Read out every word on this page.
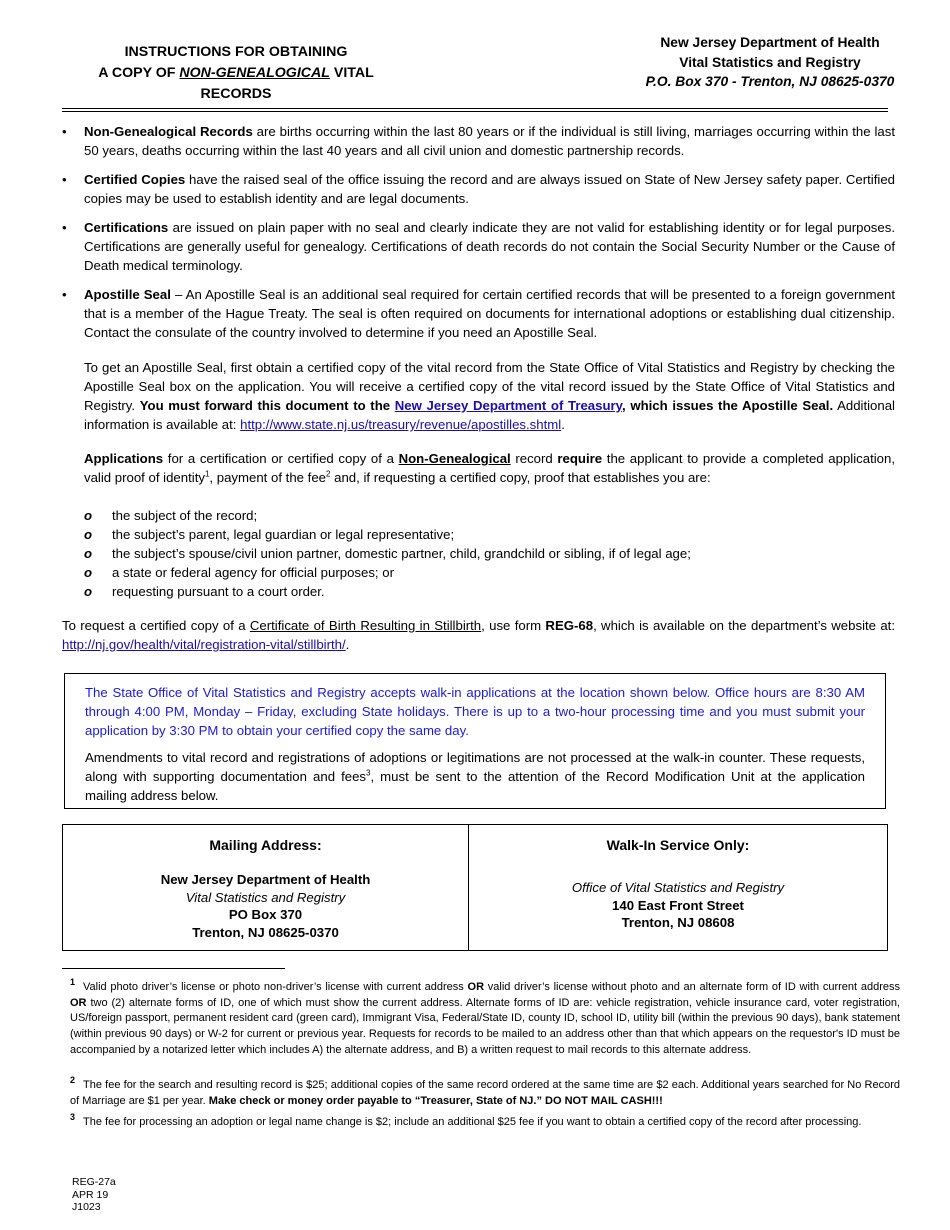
INSTRUCTIONS FOR OBTAINING
A COPY OF NON-GENEALOGICAL VITAL RECORDS
New Jersey Department of Health
Vital Statistics and Registry
P.O. Box 370 - Trenton, NJ 08625-0370
• Non-Genealogical Records are births occurring within the last 80 years or if the individual is still living, marriages occurring within the last 50 years, deaths occurring within the last 40 years and all civil union and domestic partnership records.
• Certified Copies have the raised seal of the office issuing the record and are always issued on State of New Jersey safety paper. Certified copies may be used to establish identity and are legal documents.
• Certifications are issued on plain paper with no seal and clearly indicate they are not valid for establishing identity or for legal purposes. Certifications are generally useful for genealogy. Certifications of death records do not contain the Social Security Number or the Cause of Death medical terminology.
• Apostille Seal – An Apostille Seal is an additional seal required for certain certified records that will be presented to a foreign government that is a member of the Hague Treaty. The seal is often required on documents for international adoptions or establishing dual citizenship. Contact the consulate of the country involved to determine if you need an Apostille Seal.

To get an Apostille Seal, first obtain a certified copy of the vital record from the State Office of Vital Statistics and Registry by checking the Apostille Seal box on the application. You will receive a certified copy of the vital record issued by the State Office of Vital Statistics and Registry. You must forward this document to the New Jersey Department of Treasury, which issues the Apostille Seal. Additional information is available at: http://www.state.nj.us/treasury/revenue/apostilles.shtml.

Applications for a certification or certified copy of a Non-Genealogical record require the applicant to provide a completed application, valid proof of identity$^1$, payment of the fee$^2$ and, if requesting a certified copy, proof that establishes you are:

o the subject of the record;
o the subject’s parent, legal guardian or legal representative;
o the subject’s spouse/civil union partner, domestic partner, child, grandchild or sibling, if of legal age;
o a state or federal agency for official purposes; or
o requesting pursuant to a court order.

To request a certified copy of a Certificate of Birth Resulting in Stillbirth, use form REG-68, which is available on the department’s website at: http://nj.gov/health/vital/registration-vital/stillbirth/.

The State Office of Vital Statistics and Registry accepts walk-in applications at the location shown below. Office hours are 8:30 AM through 4:00 PM, Monday – Friday, excluding State holidays. There is up to a two-hour processing time and you must submit your application by 3:30 PM to obtain your certified copy the same day.

Amendments to vital record and registrations of adoptions or legitimations are not processed at the walk-in counter. These requests, along with supporting documentation and fees$^3$, must be sent to the attention of the Record Modification Unit at the application mailing address below.

Mailing Address:
New Jersey Department of Health
Vital Statistics and Registry
PO Box 370
Trenton, NJ 08625-0370
Walk-In Service Only:
Office of Vital Statistics and Registry
140 East Front Street
Trenton, NJ 08608

$^1$ Valid photo driver’s license or photo non-driver’s license with current address OR valid driver’s license without photo and an alternate form of ID with current address OR two (2) alternate forms of ID, one of which must show the current address. Alternate forms of ID are: vehicle registration, vehicle insurance card, voter registration, US/foreign passport, permanent resident card (green card), Immigrant Visa, Federal/State ID, county ID, school ID, utility bill (within the previous 90 days), bank statement (within previous 90 days) or W-2 for current or previous year. Requests for records to be mailed to an address other than that which appears on the requestor's ID must be accompanied by a notarized letter which includes A) the alternate address, and B) a written request to mail records to this alternate address.

$^2$ The fee for the search and resulting record is $25; additional copies of the same record ordered at the same time are $2 each. Additional years searched for No Record of Marriage are $1 per year. Make check or money order payable to “Treasurer, State of NJ.” DO NOT MAIL CASH!!!

$^3$ The fee for processing an adoption or legal name change is $2; include an additional $25 fee if you want to obtain a certified copy of the record after processing.

REG-27a
APR 19
J1023
